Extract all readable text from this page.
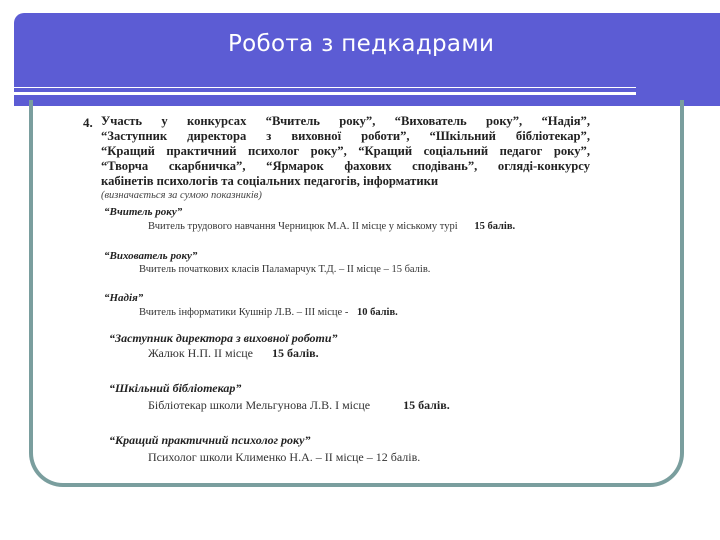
Робота з педкадрами
4. Участь у конкурсах “Вчитель року”, “Вихователь року”, “Надія”,
“Заступник директора з виховної роботи”, “Шкільний бібліотекар”,
“Кращий практичний психолог року”, “Кращий соціальний педагог року”,
“Творча скарбничка”, “Ярмарок фахових сподівань”, огляді-конкурсу
кабінетів психологів та соціальних педагогів, інформатики
(визначається за сумою показників)
“Вчитель року”
Вчитель трудового навчання Черницюк М.А. II місце у міському турі 15 балів.
“Вихователь року”
Вчитель початкових класів Паламарчук Т.Д. – II місце – 15 балів.
“Надія”
Вчитель інформатики Кушнір Л.В. – III місце - 10 балів.
“Заступник директора з виховної роботи”
Жалюк Н.П. II місце 15 балів.
“Шкільний бібліотекар”
Бібліотекар школи Мельгунова Л.В. I місце	15 балів.
“Кращий практичний психолог року”
Психолог школи Клименко Н.А. – II місце – 12 балів.
